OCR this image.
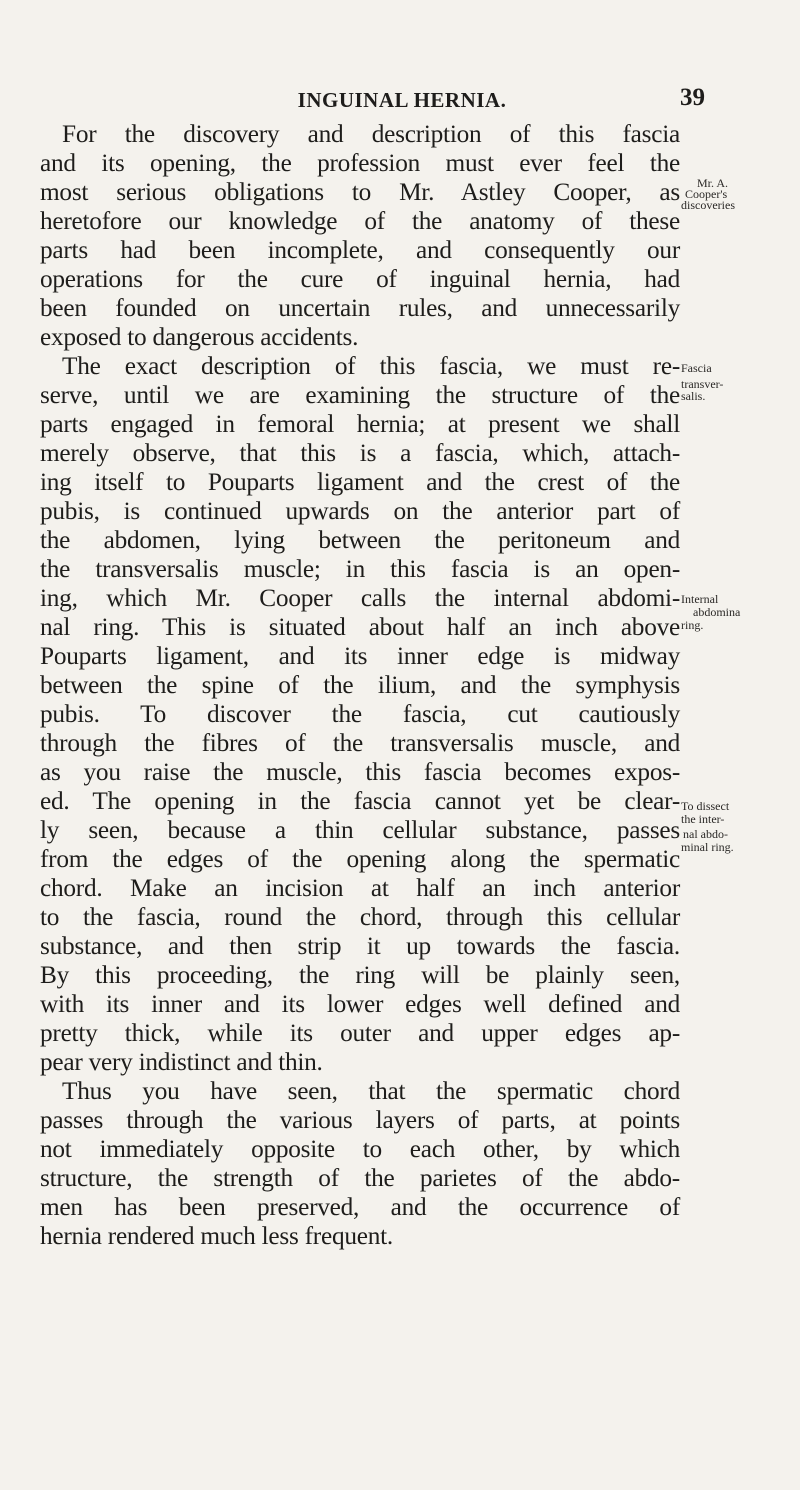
INGUINAL HERNIA.	39
For the discovery and description of this fascia
and its opening, the profession must ever feel the
most serious obligations to Mr. Astley Cooper, as
heretofore our knowledge of the anatomy of these
parts had been incomplete, and consequently our
operations for the cure of inguinal hernia, had
been founded on uncertain rules, and unnecessarily
exposed to dangerous accidents.
The exact description of this fascia, we must re-
serve, until we are examining the structure of the
parts engaged in femoral hernia; at present we shall
merely observe, that this is a fascia, which, attach-
ing itself to Pouparts ligament and the crest of the
pubis, is continued upwards on the anterior part of
the abdomen, lying between the peritoneum and
the transversalis muscle; in this fascia is an open-
ing, which Mr. Cooper calls the internal abdomi-
nal ring. This is situated about half an inch above
Pouparts ligament, and its inner edge is midway
between the spine of the ilium, and the symphysis
pubis. To discover the fascia, cut cautiously
through the fibres of the transversalis muscle, and
as you raise the muscle, this fascia becomes expos-
ed. The opening in the fascia cannot yet be clear-
ly seen, because a thin cellular substance, passes
from the edges of the opening along the spermatic
chord. Make an incision at half an inch anterior
to the fascia, round the chord, through this cellular
substance, and then strip it up towards the fascia.
By this proceeding, the ring will be plainly seen,
with its inner and its lower edges well defined and
pretty thick, while its outer and upper edges ap-
pear very indistinct and thin.
Thus you have seen, that the spermatic chord
passes through the various layers of parts, at points
not immediately opposite to each other, by which
structure, the strength of the parietes of the abdo-
men has been preserved, and the occurrence of
hernia rendered much less frequent.
Mr. A.
Cooper's
discoveries
Fascia
transver-
salis.
Internal
abdomina
ring.
To dissect
the inter-
nal abdo-
minal ring.
